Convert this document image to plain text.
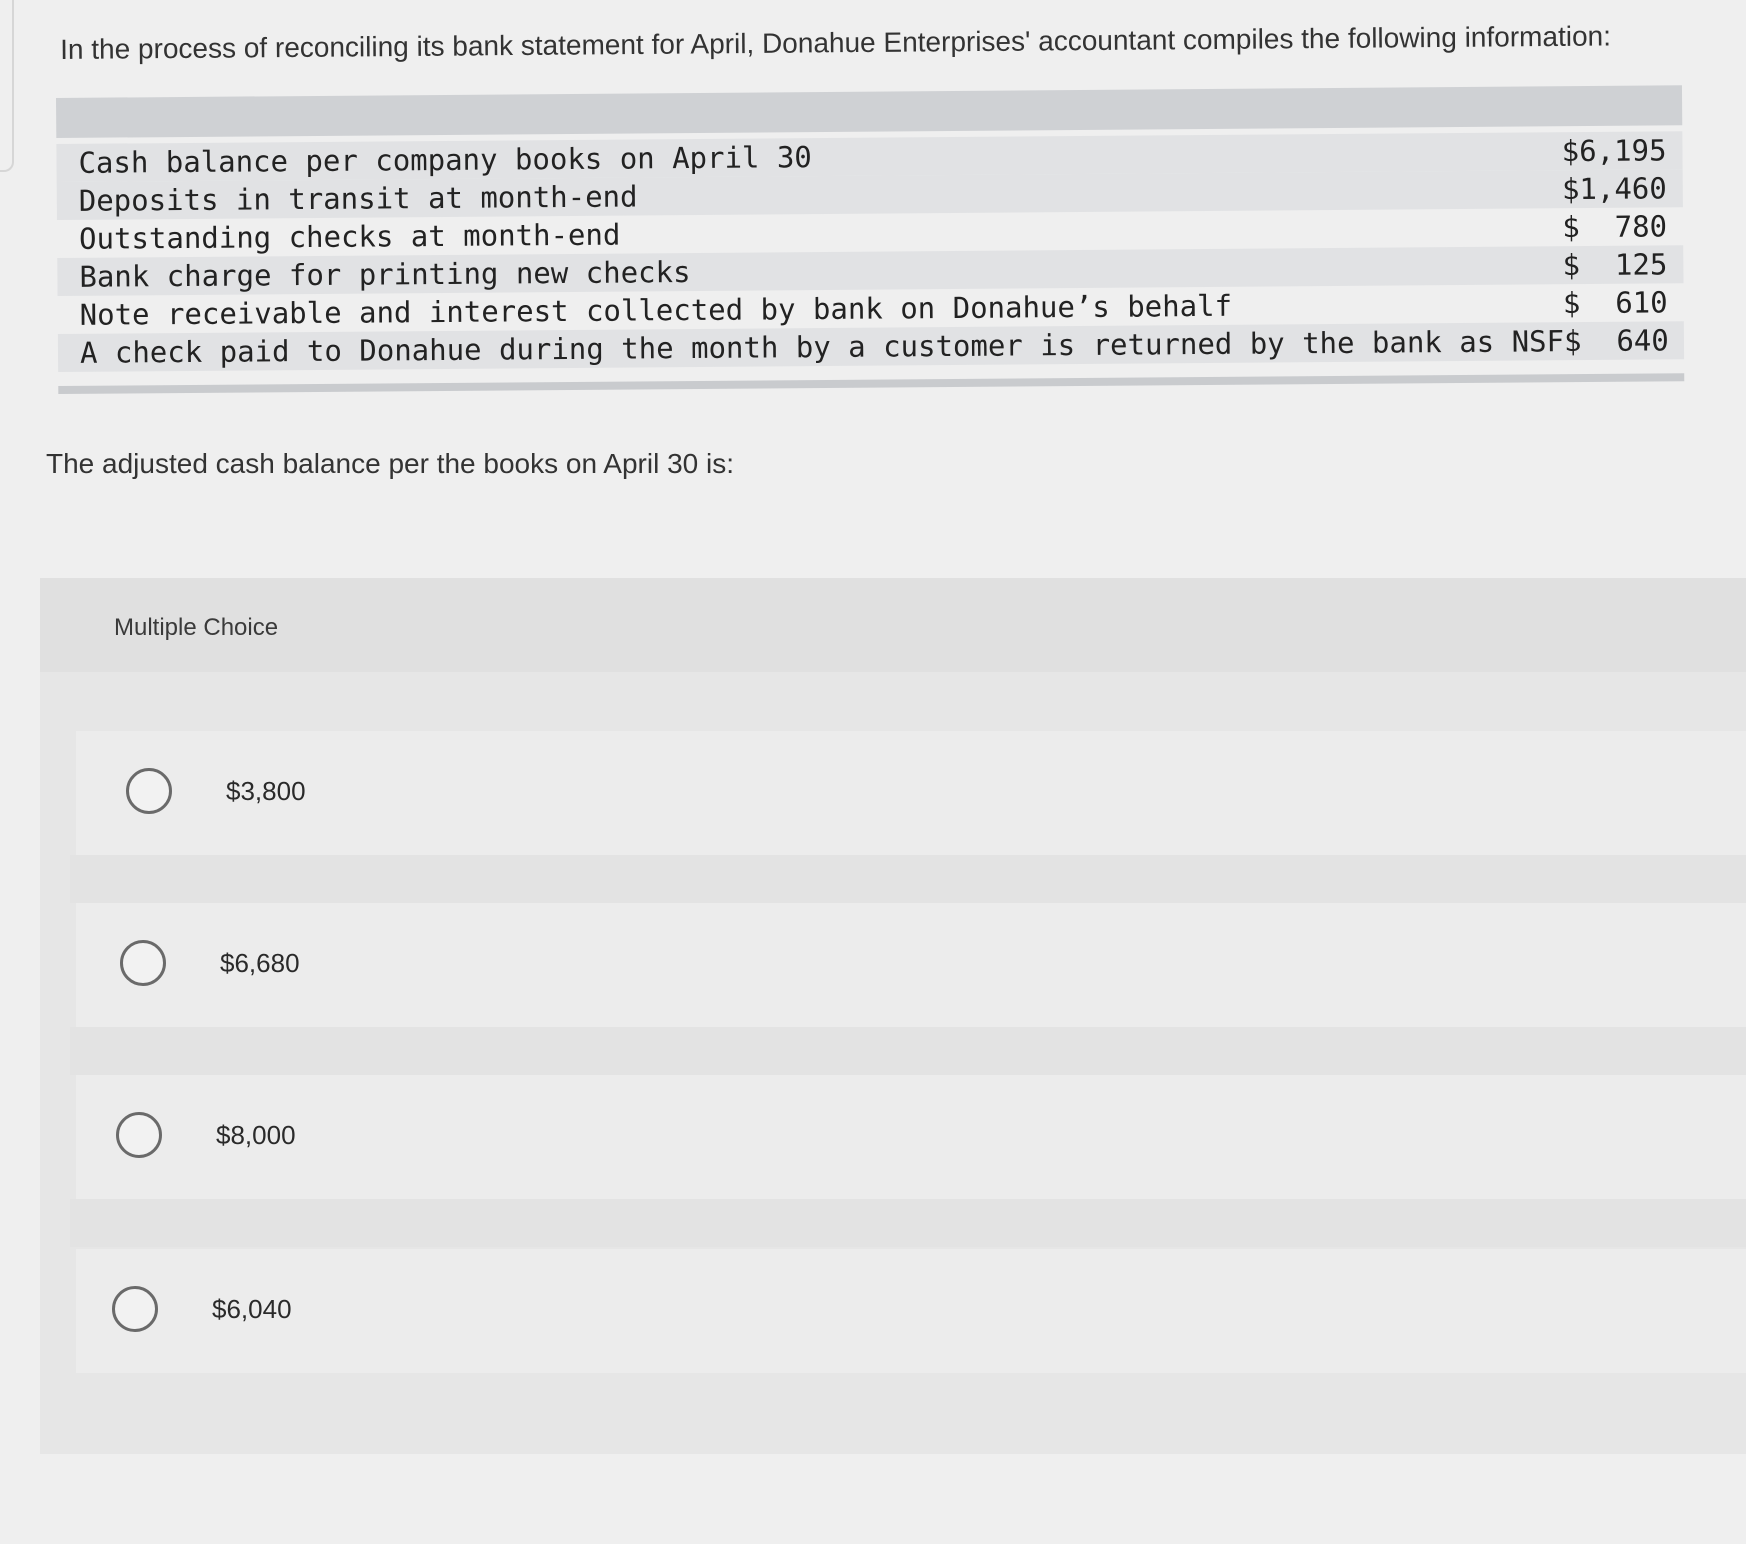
In the process of reconciling its bank statement for April, Donahue Enterprises' accountant compiles the following information:
Cash balance per company books on April 30	$6,195
Deposits in transit at month-end	$1,460
Outstanding checks at month-end	$  780
Bank charge for printing new checks	$  125
Note receivable and interest collected by bank on Donahue’s behalf	$  610
A check paid to Donahue during the month by a customer is returned by the bank as NSF $  640
The adjusted cash balance per the books on April 30 is:
Multiple Choice
$3,800
$6,680
$8,000
$6,040
